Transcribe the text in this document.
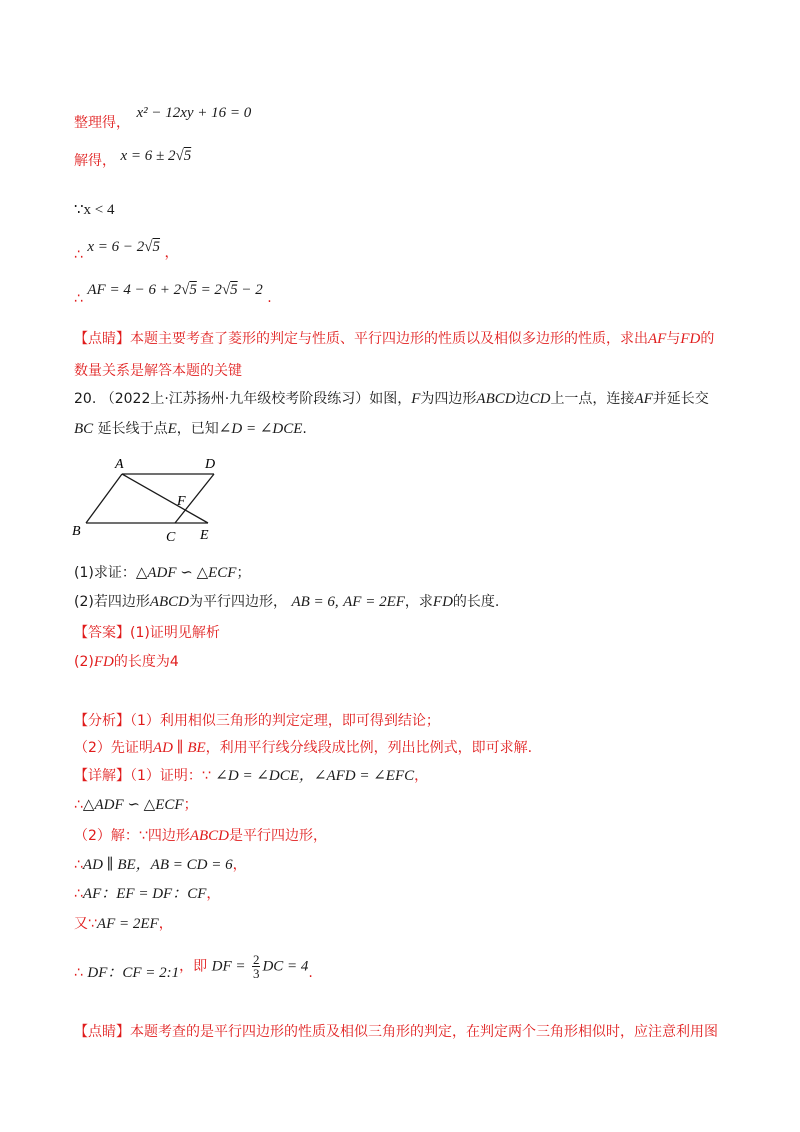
整理得， x² − 12xy + 16 = 0
解得， x = 6 ± 2√5
∵x < 4
∴ x = 6 − 2√5 ，
∴ AF = 4 − 6 + 2√5 = 2√5 − 2 .
【点睛】本题主要考查了菱形的判定与性质、平行四边形的性质以及相似多边形的性质，求出AF与FD的
数量关系是解答本题的关键
20. （2022上·江苏扬州·九年级校考阶段练习）如图，F为四边形ABCD边CD上一点，连接AF并延长交
BC 延长线于点E，已知∠D = ∠DCE.
A	D
F
B	C E
(1)求证：△ADF ∽ △ECF；
(2)若四边形ABCD为平行四边形， AB = 6, AF = 2EF，求FD的长度.
【答案】(1)证明见解析
(2)FD的长度为4
【分析】（1）利用相似三角形的判定定理，即可得到结论；
（2）先证明AD ∥ BE，利用平行线分线段成比例，列出比例式，即可求解.
【详解】（1）证明：∵ ∠D = ∠DCE，∠AFD = ∠EFC，
∴△ADF ∽ △ECF；
（2）解：∵四边形ABCD是平行四边形，
∴AD ∥ BE，AB = CD = 6，
∴AF：EF = DF：CF，
又∵AF = 2EF，
∴ DF：CF = 2:1，即 DF = $\frac{2}{3}$ DC = 4.
【点睛】本题考查的是平行四边形的性质及相似三角形的判定，在判定两个三角形相似时，应注意利用图
